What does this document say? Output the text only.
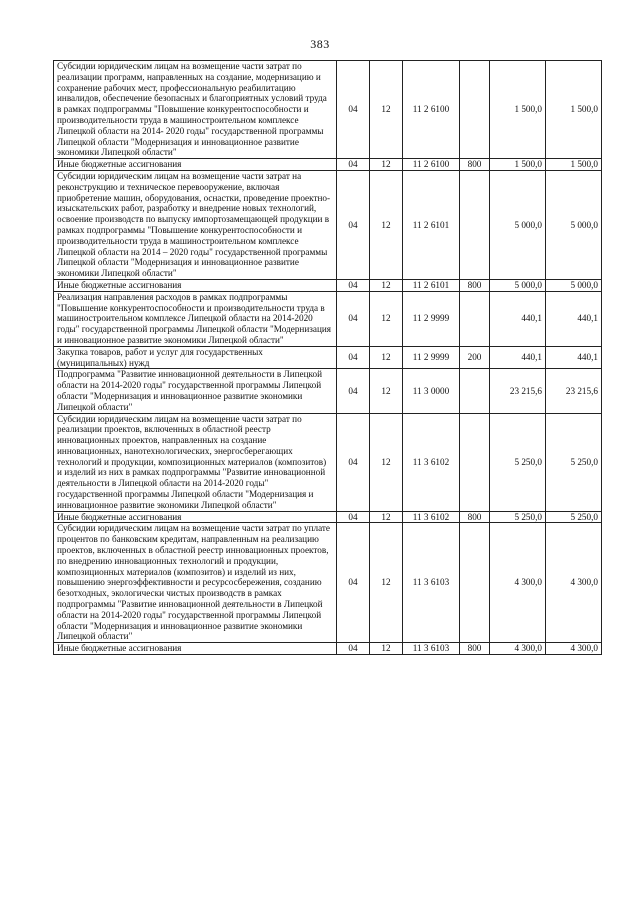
383
Субсидии юридическим лицам на возмещение части затрат по реализации программ, направленных на создание, модернизацию и сохранение рабочих мест, профессиональную реабилитацию инвалидов, обеспечение безопасных и благоприятных условий труда в рамках подпрограммы "Повышение конкурентоспособности и производительности труда в машиностроительном комплексе Липецкой области на 2014- 2020 годы" государственной программы Липецкой области "Модернизация и инновационное развитие экономики Липецкой области"	04	12	11 2 6100		1 500,0	1 500,0
Иные бюджетные ассигнования	04	12	11 2 6100	800	1 500,0	1 500,0
Субсидии юридическим лицам на возмещение части затрат на реконструкцию и техническое перевооружение, включая приобретение машин, оборудования, оснастки, проведение проектно-изыскательских работ, разработку и внедрение новых технологий, освоение производств по выпуску импортозамещающей продукции в рамках подпрограммы "Повышение конкурентоспособности и производительности труда в машиностроительном комплексе Липецкой области на 2014 – 2020 годы" государственной программы Липецкой области "Модернизация и инновационное развитие экономики Липецкой области"	04	12	11 2 6101		5 000,0	5 000,0
Иные бюджетные ассигнования	04	12	11 2 6101	800	5 000,0	5 000,0
Реализация направления расходов в рамках подпрограммы "Повышение конкурентоспособности и производительности труда в машиностроительном комплексе Липецкой области на 2014-2020 годы" государственной программы Липецкой области "Модернизация и инновационное развитие экономики Липецкой области"	04	12	11 2 9999		440,1	440,1
Закупка товаров, работ и услуг для государственных (муниципальных) нужд	04	12	11 2 9999	200	440,1	440,1
Подпрограмма "Развитие инновационной деятельности в Липецкой области на 2014-2020 годы" государственной программы Липецкой области "Модернизация и инновационное развитие экономики Липецкой области"	04	12	11 3 0000		23 215,6	23 215,6
Субсидии юридическим лицам на возмещение части затрат по реализации проектов, включенных в областной реестр инновационных проектов, направленных на создание инновационных, нанотехнологических, энергосберегающих технологий и продукции, композиционных материалов (композитов) и изделий из них в рамках подпрограммы "Развитие инновационной деятельности в Липецкой области на 2014-2020 годы" государственной программы Липецкой области "Модернизация и инновационное развитие экономики Липецкой области"	04	12	11 3 6102		5 250,0	5 250,0
Иные бюджетные ассигнования	04	12	11 3 6102	800	5 250,0	5 250,0
Субсидии юридическим лицам на возмещение части затрат по уплате процентов по банковским кредитам, направленным на реализацию проектов, включенных в областной реестр инновационных проектов, по внедрению инновационных технологий и продукции, композиционных материалов (композитов) и изделий из них, повышению энергоэффективности и ресурсосбережения, созданию безотходных, экологически чистых производств в рамках подпрограммы "Развитие инновационной деятельности в Липецкой области на 2014-2020 годы" государственной программы Липецкой области "Модернизация и инновационное развитие экономики Липецкой области"	04	12	11 3 6103		4 300,0	4 300,0
Иные бюджетные ассигнования	04	12	11 3 6103	800	4 300,0	4 300,0
